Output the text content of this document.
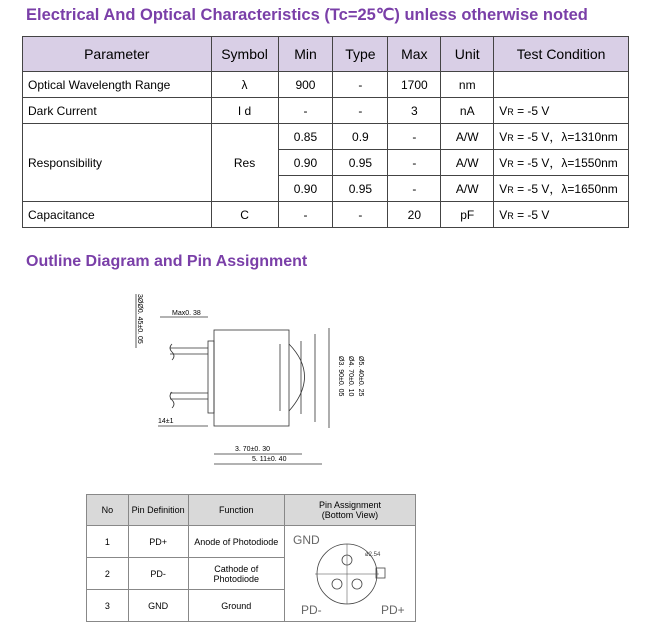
Electrical And Optical Characteristics (Tc=25℃) unless otherwise noted
Parameter	Symbol	Min	Type	Max	Unit	Test Condition
Optical Wavelength Range	λ	900	-	1700	nm	
Dark Current	I d	-	-	3	nA	VR = -5 V
Responsibility	Res	0.85	0.9	-	A/W	VR = -5 V，λ=1310nm
		0.90	0.95	-	A/W	VR = -5 V，λ=1550nm
		0.90	0.95	-	A/W	VR = -5 V，λ=1650nm
Capacitance	C	-	-	20	pF	VR = -5 V
Outline Diagram and Pin Assignment
3ØØ0. 45±0. 05	Max0. 38
14±1
3. 70±0. 30
5. 11±0. 40
Ø3. 90±0. 05 Ø4. 70±0. 10 Ø5. 40±0. 25
No	Pin Definition	Function	Pin Assignment
(Bottom View)
1	PD+	Anode of Photodiode	GND
ø2.54
PD- PD+

2	PD-	Cathode of Photodiode	
3	GND	Ground	
